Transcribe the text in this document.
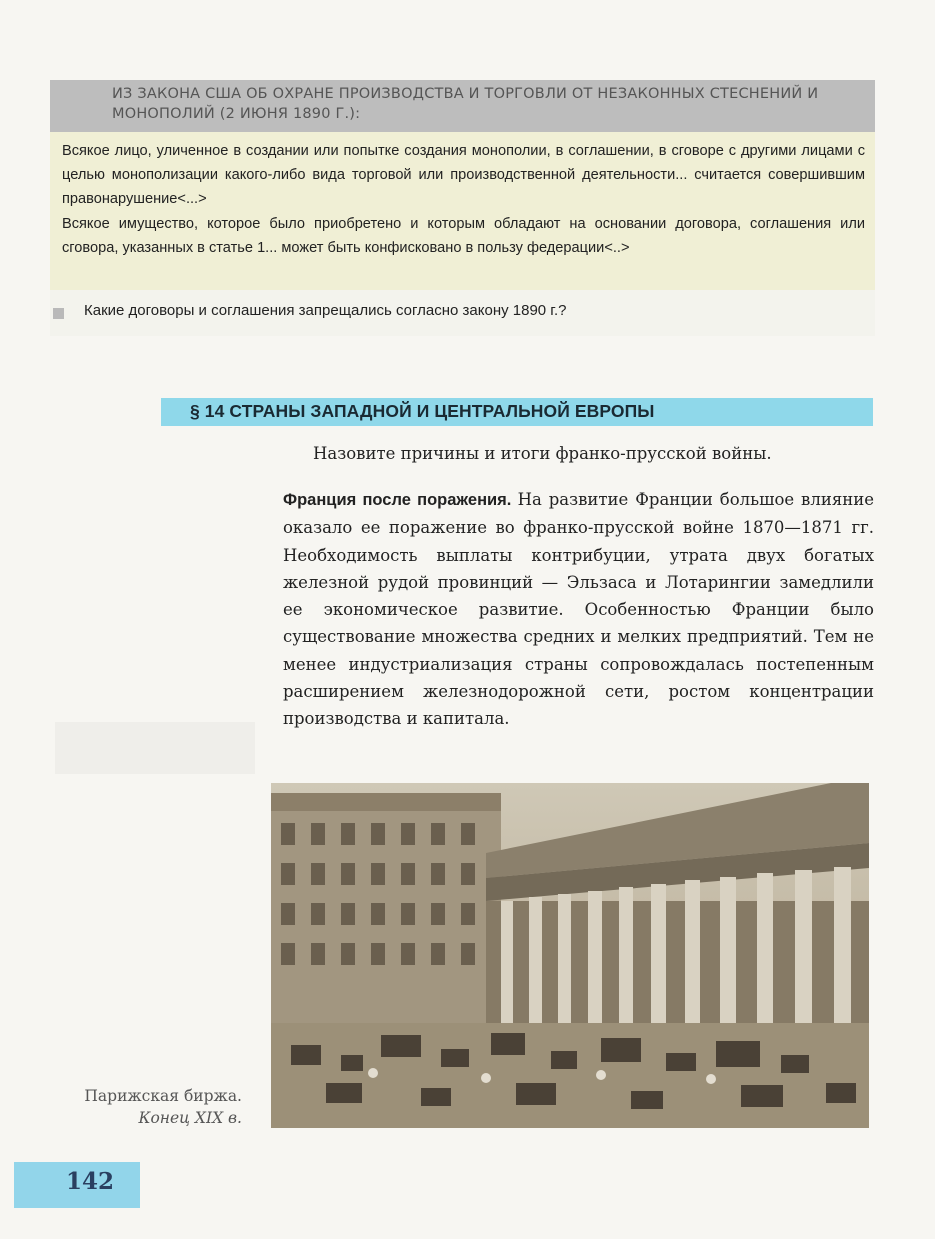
ИЗ ЗАКОНА США ОБ ОХРАНЕ ПРОИЗВОДСТВА И ТОРГОВЛИ ОТ НЕЗАКОННЫХ СТЕСНЕНИЙ И МОНОПОЛИЙ (2 ИЮНЯ 1890 Г.):

Всякое лицо, уличенное в создании или попытке создания монополии, в соглашении, в сговоре с другими лицами с целью монополизации какого-либо вида торговой или производственной деятельности... считается совершившим правонарушение<...>

Всякое имущество, которое было приобретено и которым обладают на основании договора, соглашения или сговора, указанных в статье 1... может быть конфисковано в пользу федерации<..>

Какие договоры и соглашения запрещались согласно закону 1890 г.?
§ 14 СТРАНЫ ЗАПАДНОЙ И ЦЕНТРАЛЬНОЙ ЕВРОПЫ
Назовите причины и итоги франко-прусской войны.
Франция после поражения. На развитие Франции большое влияние оказало ее поражение во франко-прусской войне 1870—1871 гг. Необходимость выплаты контрибуции, утрата двух богатых железной рудой провинций — Эльзаса и Лотарингии замедлили ее экономическое развитие. Особенностью Франции было существование множества средних и мелких предприятий. Тем не менее индустриализация страны сопровождалась постепенным расширением железнодорожной сети, ростом концентрации производства и капитала.
Парижская биржа.
Конец XIX в.
142
